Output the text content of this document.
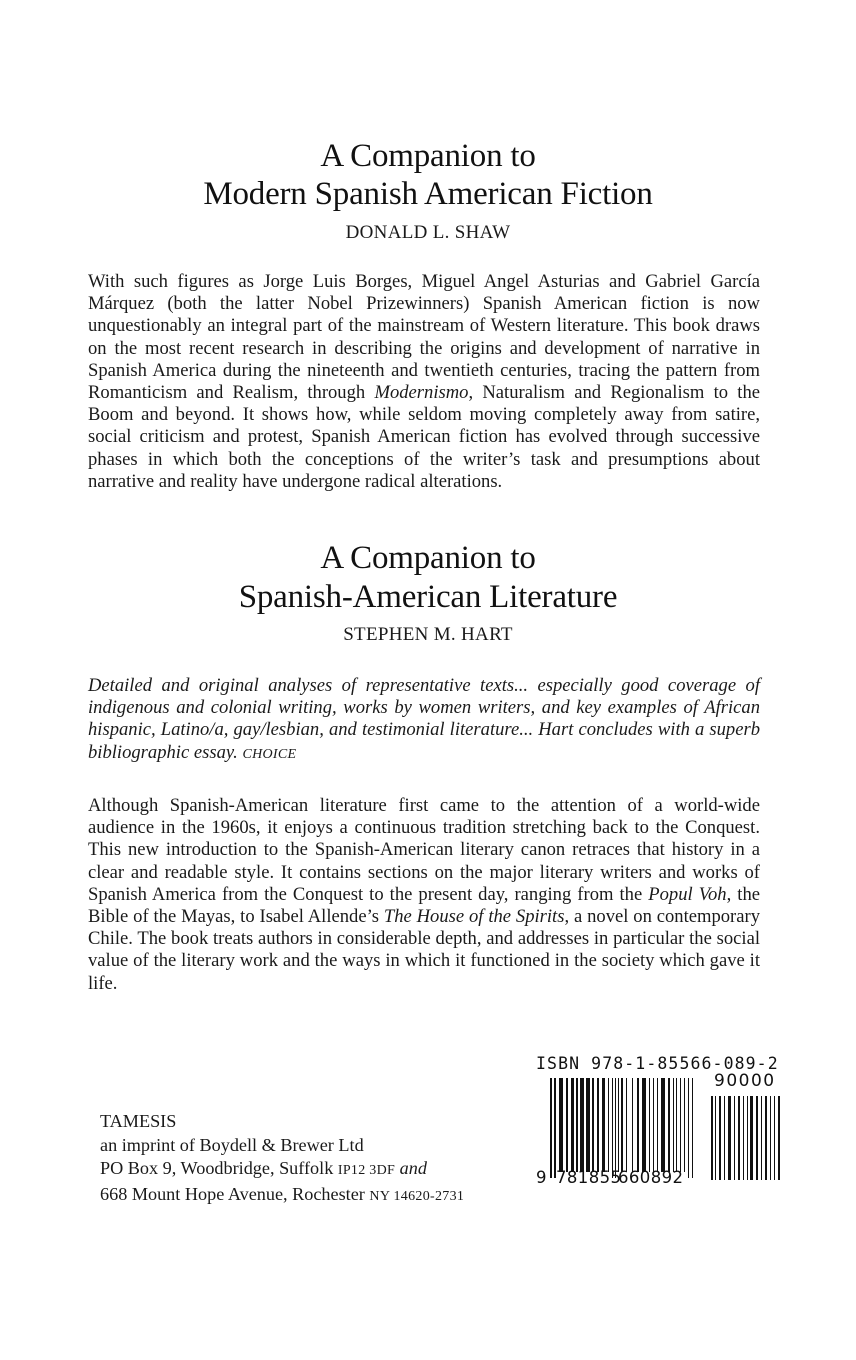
A Companion to
Modern Spanish American Fiction
DONALD L. SHAW
With such figures as Jorge Luis Borges, Miguel Angel Asturias and Gabriel García Márquez (both the latter Nobel Prizewinners) Spanish American fiction is now unquestionably an integral part of the mainstream of Western literature. This book draws on the most recent research in describing the origins and development of narrative in Spanish America during the nineteenth and twentieth centuries, tracing the pattern from Romanticism and Realism, through Modernismo, Naturalism and Regionalism to the Boom and beyond. It shows how, while seldom moving completely away from satire, social criticism and protest, Spanish American fiction has evolved through successive phases in which both the conceptions of the writer’s task and presumptions about narrative and reality have undergone radical alterations.
A Companion to
Spanish-American Literature
STEPHEN M. HART
Detailed and original analyses of representative texts... especially good coverage of indigenous and colonial writing, works by women writers, and key examples of African hispanic, Latino/a, gay/lesbian, and testimonial literature... Hart concludes with a superb bibliographic essay. CHOICE
Although Spanish-American literature first came to the attention of a world-wide audience in the 1960s, it enjoys a continuous tradition stretching back to the Conquest. This new introduction to the Spanish-American literary canon retraces that history in a clear and readable style. It contains sections on the major literary writers and works of Spanish America from the Conquest to the present day, ranging from the Popul Voh, the Bible of the Mayas, to Isabel Allende’s The House of the Spirits, a novel on contemporary Chile. The book treats authors in considerable depth, and addresses in particular the social value of the literary work and the ways in which it functioned in the society which gave it life.
TAMESIS
an imprint of Boydell & Brewer Ltd
PO Box 9, Woodbridge, Suffolk IP12 3DF and
668 Mount Hope Avenue, Rochester NY 14620-2731
ISBN 978-1-85566-089-2
90000
9 781855660892
